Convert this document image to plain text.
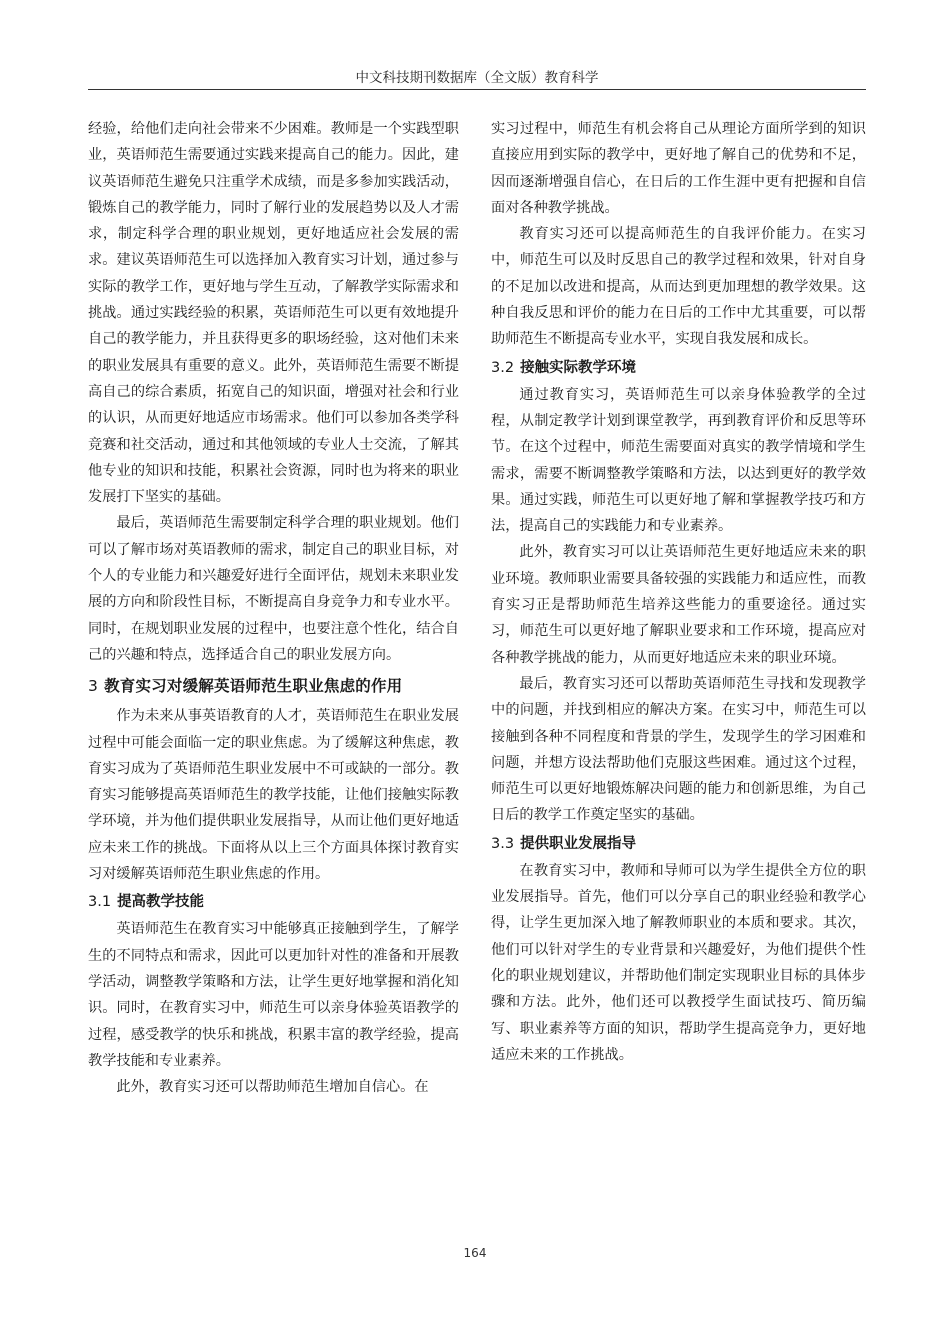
中文科技期刊数据库（全文版）教育科学

经验，给他们走向社会带来不少困难。教师是一个实践型职业，英语师范生需要通过实践来提高自己的能力。因此，建议英语师范生避免只注重学术成绩，而是多参加实践活动，锻炼自己的教学能力，同时了解行业的发展趋势以及人才需求，制定科学合理的职业规划，更好地适应社会发展的需求。建议英语师范生可以选择加入教育实习计划，通过参与实际的教学工作，更好地与学生互动，了解教学实际需求和挑战。通过实践经验的积累，英语师范生可以更有效地提升自己的教学能力，并且获得更多的职场经验，这对他们未来的职业发展具有重要的意义。此外，英语师范生需要不断提高自己的综合素质，拓宽自己的知识面，增强对社会和行业的认识，从而更好地适应市场需求。他们可以参加各类学科竞赛和社交活动，通过和其他领域的专业人士交流，了解其他专业的知识和技能，积累社会资源，同时也为将来的职业发展打下坚实的基础。

最后，英语师范生需要制定科学合理的职业规划。他们可以了解市场对英语教师的需求，制定自己的职业目标，对个人的专业能力和兴趣爱好进行全面评估，规划未来职业发展的方向和阶段性目标，不断提高自身竞争力和专业水平。同时，在规划职业发展的过程中，也要注意个性化，结合自己的兴趣和特点，选择适合自己的职业发展方向。

3 教育实习对缓解英语师范生职业焦虑的作用

作为未来从事英语教育的人才，英语师范生在职业发展过程中可能会面临一定的职业焦虑。为了缓解这种焦虑，教育实习成为了英语师范生职业发展中不可或缺的一部分。教育实习能够提高英语师范生的教学技能，让他们接触实际教学环境，并为他们提供职业发展指导，从而让他们更好地适应未来工作的挑战。下面将从以上三个方面具体探讨教育实习对缓解英语师范生职业焦虑的作用。

3.1 提高教学技能

英语师范生在教育实习中能够真正接触到学生，了解学生的不同特点和需求，因此可以更加针对性的准备和开展教学活动，调整教学策略和方法，让学生更好地掌握和消化知识。同时，在教育实习中，师范生可以亲身体验英语教学的过程，感受教学的快乐和挑战，积累丰富的教学经验，提高教学技能和专业素养。

此外，教育实习还可以帮助师范生增加自信心。在

实习过程中，师范生有机会将自己从理论方面所学到的知识直接应用到实际的教学中，更好地了解自己的优势和不足，因而逐渐增强自信心，在日后的工作生涯中更有把握和自信面对各种教学挑战。

教育实习还可以提高师范生的自我评价能力。在实习中，师范生可以及时反思自己的教学过程和效果，针对自身的不足加以改进和提高，从而达到更加理想的教学效果。这种自我反思和评价的能力在日后的工作中尤其重要，可以帮助师范生不断提高专业水平，实现自我发展和成长。

3.2 接触实际教学环境

通过教育实习，英语师范生可以亲身体验教学的全过程，从制定教学计划到课堂教学，再到教育评价和反思等环节。在这个过程中，师范生需要面对真实的教学情境和学生需求，需要不断调整教学策略和方法，以达到更好的教学效果。通过实践，师范生可以更好地了解和掌握教学技巧和方法，提高自己的实践能力和专业素养。

此外，教育实习可以让英语师范生更好地适应未来的职业环境。教师职业需要具备较强的实践能力和适应性，而教育实习正是帮助师范生培养这些能力的重要途径。通过实习，师范生可以更好地了解职业要求和工作环境，提高应对各种教学挑战的能力，从而更好地适应未来的职业环境。

最后，教育实习还可以帮助英语师范生寻找和发现教学中的问题，并找到相应的解决方案。在实习中，师范生可以接触到各种不同程度和背景的学生，发现学生的学习困难和问题，并想方设法帮助他们克服这些困难。通过这个过程，师范生可以更好地锻炼解决问题的能力和创新思维，为自己日后的教学工作奠定坚实的基础。

3.3 提供职业发展指导

在教育实习中，教师和导师可以为学生提供全方位的职业发展指导。首先，他们可以分享自己的职业经验和教学心得，让学生更加深入地了解教师职业的本质和要求。其次，他们可以针对学生的专业背景和兴趣爱好，为他们提供个性化的职业规划建议，并帮助他们制定实现职业目标的具体步骤和方法。此外，他们还可以教授学生面试技巧、简历编写、职业素养等方面的知识，帮助学生提高竞争力，更好地适应未来的工作挑战。

164
